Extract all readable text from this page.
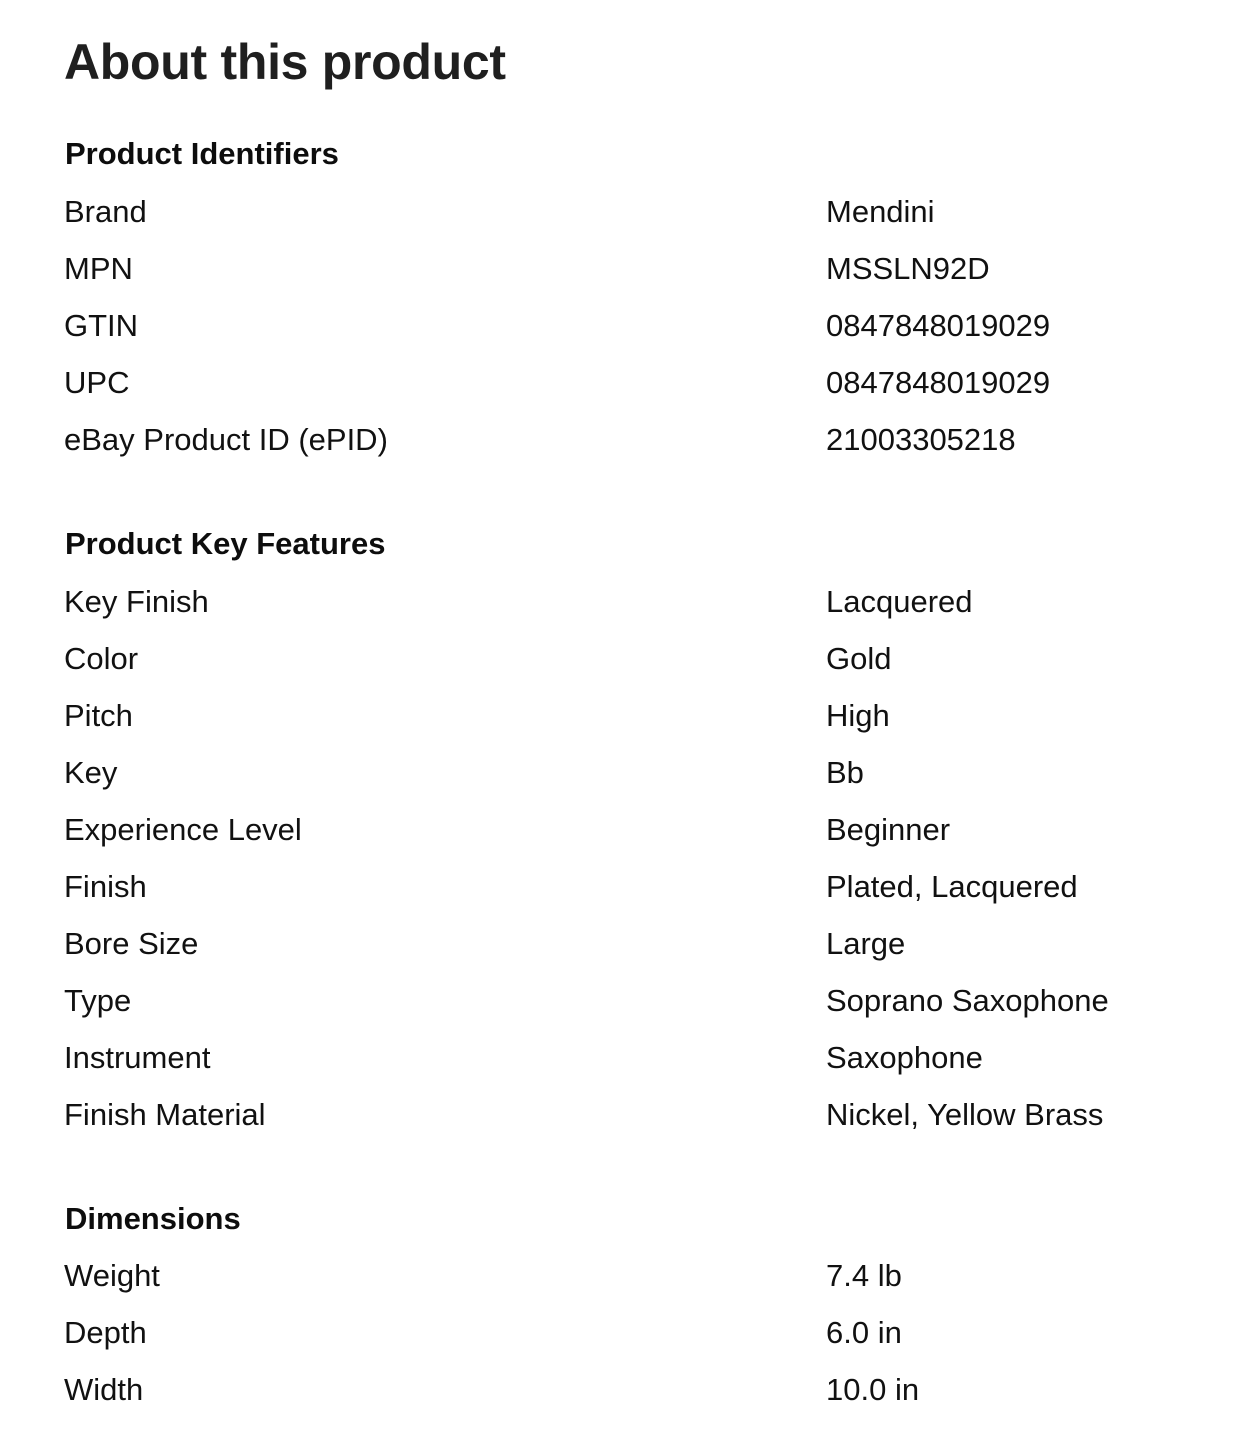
About this product
Product Identifiers
Brand	Mendini
MPN	MSSLN92D
GTIN	0847848019029
UPC	0847848019029
eBay Product ID (ePID)	21003305218
Product Key Features
Key Finish	Lacquered
Color	Gold
Pitch	High
Key	Bb
Experience Level	Beginner
Finish	Plated, Lacquered
Bore Size	Large
Type	Soprano Saxophone
Instrument	Saxophone
Finish Material	Nickel, Yellow Brass
Dimensions
Weight	7.4 lb
Depth	6.0 in
Width	10.0 in
